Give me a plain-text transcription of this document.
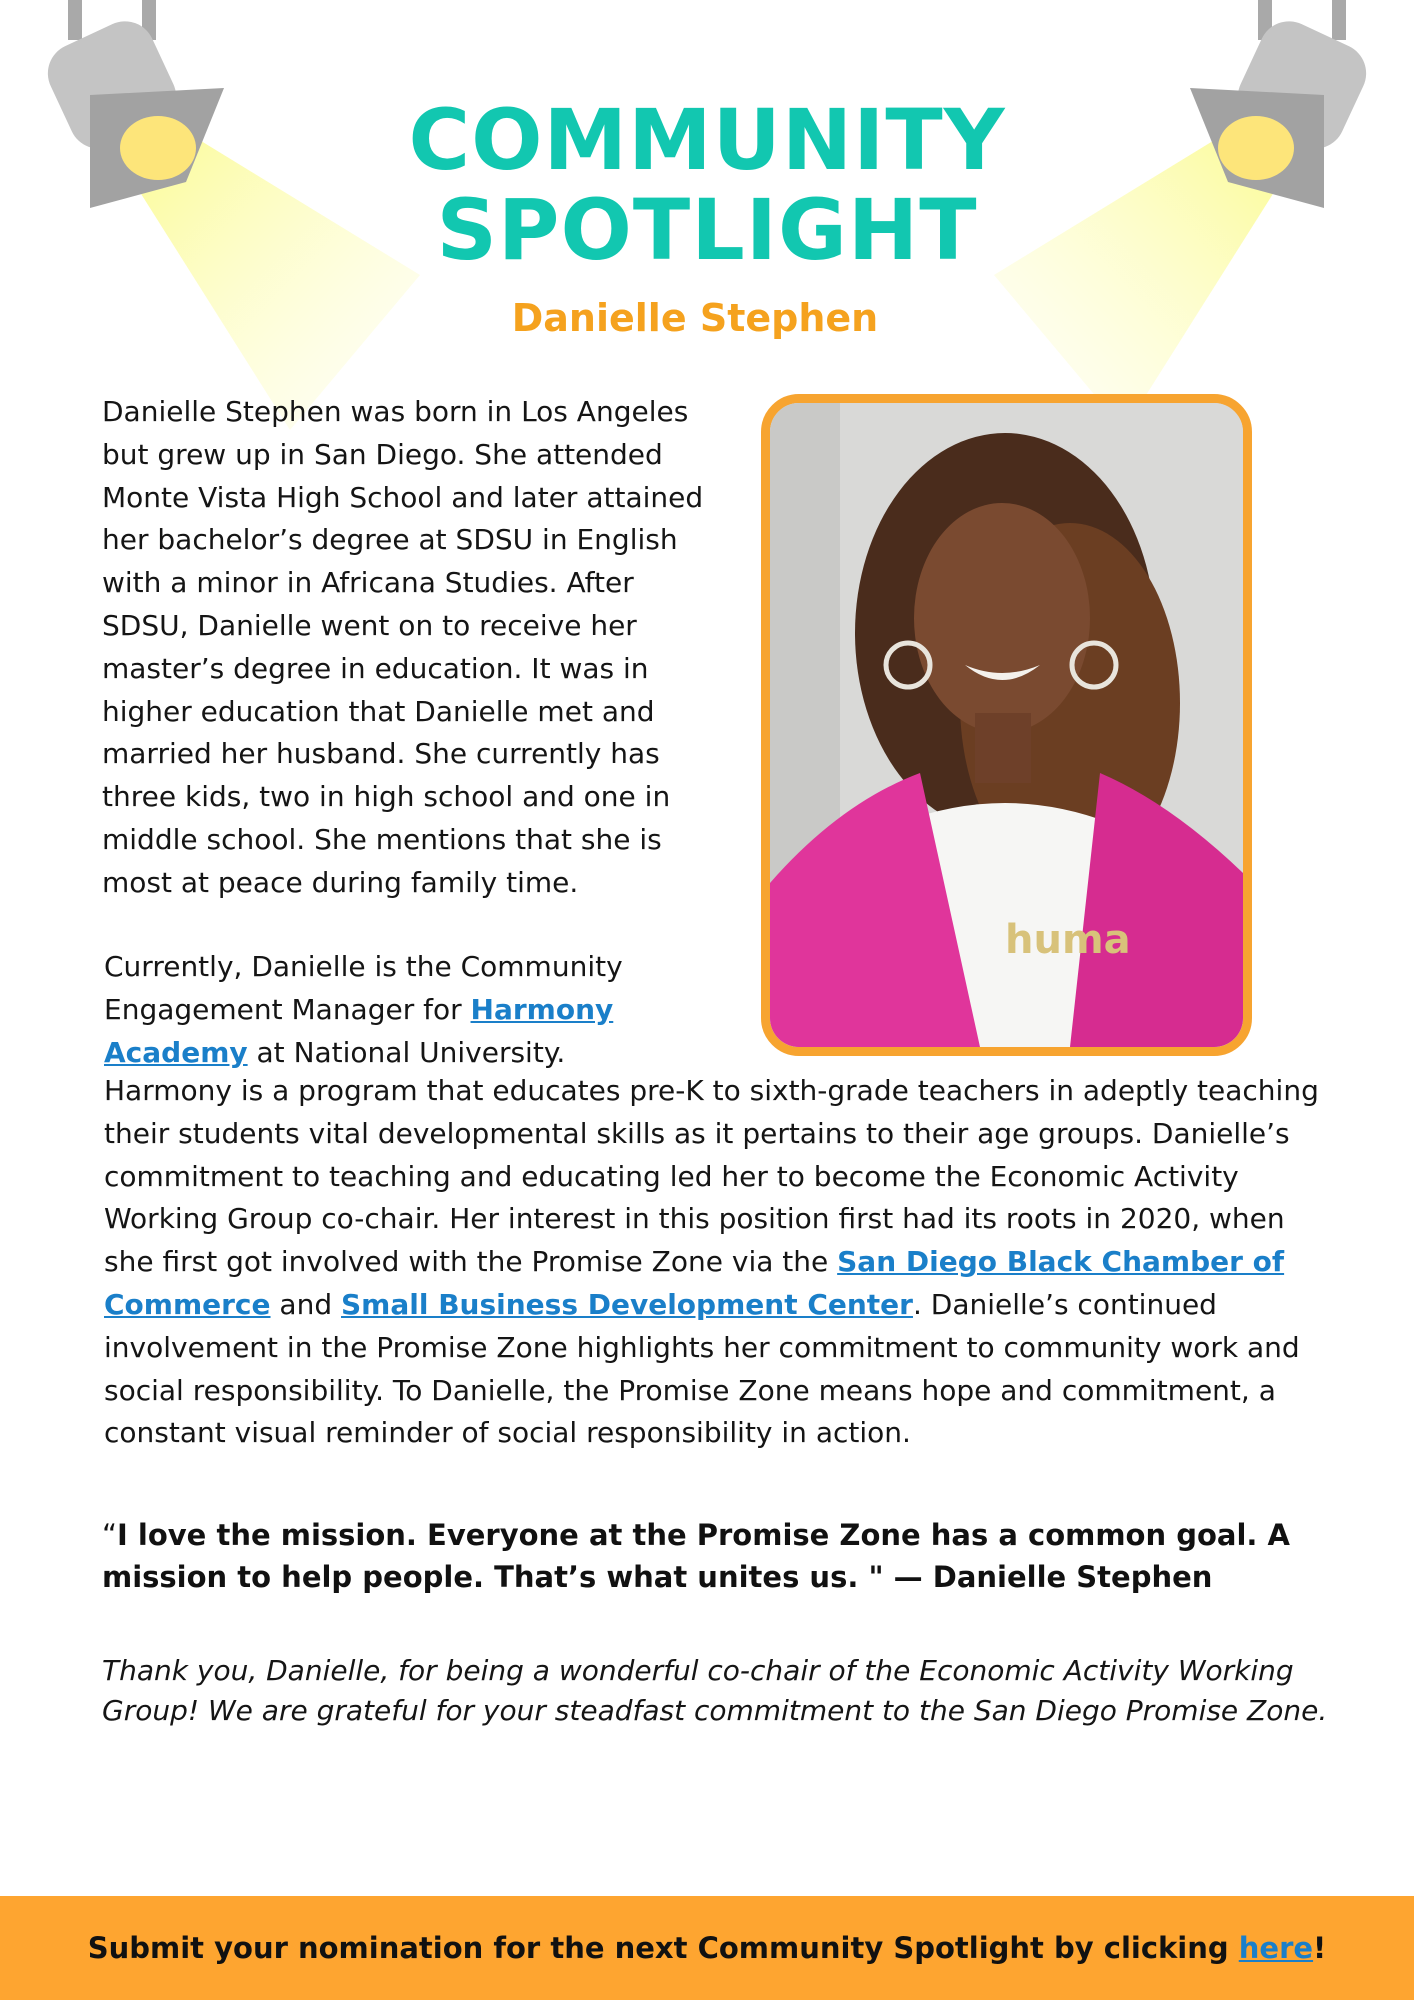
COMMUNITY
SPOTLIGHT
Danielle Stephen

Danielle Stephen was born in Los Angeles but grew up in San Diego. She attended Monte Vista High School and later attained her bachelor’s degree at SDSU in English with a minor in Africana Studies. After SDSU, Danielle went on to receive her master’s degree in education. It was in higher education that Danielle met and married her husband. She currently has three kids, two in high school and one in middle school. She mentions that she is most at peace during family time.

huma

Currently, Danielle is the Community Engagement Manager for Harmony Academy at National University.

Harmony is a program that educates pre-K to sixth-grade teachers in adeptly teaching their students vital developmental skills as it pertains to their age groups. Danielle’s commitment to teaching and educating led her to become the Economic Activity Working Group co-chair. Her interest in this position first had its roots in 2020, when she first got involved with the Promise Zone via the San Diego Black Chamber of Commerce and Small Business Development Center. Danielle’s continued involvement in the Promise Zone highlights her commitment to community work and social responsibility. To Danielle, the Promise Zone means hope and commitment, a constant visual reminder of social responsibility in action.

“I love the mission. Everyone at the Promise Zone has a common goal. A mission to help people. That’s what unites us. " — Danielle Stephen

Thank you, Danielle, for being a wonderful co-chair of the Economic Activity Working Group! We are grateful for your steadfast commitment to the San Diego Promise Zone.

Submit your nomination for the next Community Spotlight by clicking here!
